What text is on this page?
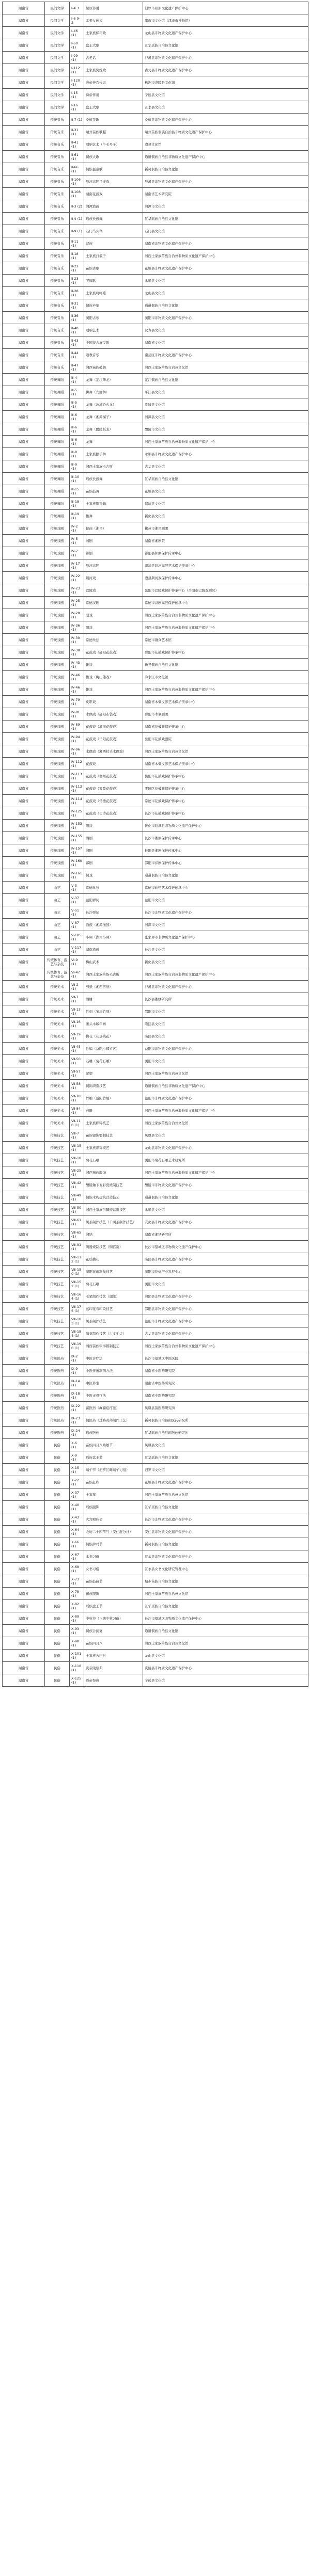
湖南省	民间文学	Ⅰ-4 3	屈原传说	汨罗市屈原文化遗产保护中心
湖南省	民间文学	Ⅰ-6 9-2	孟姜女传说	津市市文化馆（津市市博物馆）
湖南省	民间文学	Ⅰ-46 (1)	土家族梯玛歌	龙山县非物质文化遗产保护中心
湖南省	民间文学	Ⅰ-60 (1)	盘王大歌	江华瑶族自治县文化馆
湖南省	民间文学	Ⅰ-99 (1)	古老话	泸溪县非物质文化遗产保护中心
湖南省	民间文学	Ⅰ-112 (1)	土家族哭嫁歌	古丈县非物质文化遗产保护中心
湖南省	民间文学	Ⅰ-120 (1)	炎帝神农传说	株洲市炎陵县文化馆
湖南省	民间文学	Ⅰ-15 (1)	舜帝传说	宁远县文化馆
湖南省	民间文学	Ⅰ-16 (1)	盘王大歌	江永县文化馆
湖南省	传统音乐	Ⅱ-7 (1)	桑植民歌	桑植县非物质文化遗产保护中心
湖南省	传统音乐	Ⅱ-31 (1)	靖州苗族歌鼟	靖州苗族侗族自治县非物质文化遗产保护中心
湖南省	传统音乐	Ⅱ-41 (1)	嗩呐艺术（牛毛号子）	澧县文化馆
湖南省	传统音乐	Ⅱ-61 (1)	侗族大歌	通道侗族自治县非物质文化遗产保护中心
湖南省	传统音乐	Ⅱ-66 (1)	侗族琵琶歌	新晃侗族自治县文化馆
湖南省	传统音乐	Ⅱ-106 (1)	辰河高腔目连戏	辰溪县非物质文化遗产保护中心
湖南省	传统音乐	Ⅱ-108 (1)	湖南花鼓戏	湖南省艺术研究院
湖南省	传统音乐	Ⅱ-3 (2)	湘潭渔鼓	湘潭市文化馆
湖南省	传统音乐	Ⅱ-4 (1)	瑶族长鼓舞	江华瑶族自治县文化馆
湖南省	传统音乐	Ⅱ-9 (1)	石门马头琴	石门县文化馆
湖南省	传统音乐	Ⅱ-11 (1)	汉族	湖南省非物质文化遗产保护中心
湖南省	传统音乐	Ⅱ-18 (1)	土家族打溜子	湘西土家族苗族自治州非物质文化遗产保护中心
湖南省	传统音乐	Ⅱ-22 (1)	苗族古歌	花垣县非物质文化遗产保护中心
湖南省	传统音乐	Ⅱ-23 (1)	哭嫁歌	永顺县文化馆
湖南省	传统音乐	Ⅱ-28 (1)	土家族咚咚喹	龙山县文化馆
湖南省	传统音乐	Ⅱ-31 (1)	侗族芦笙	通道侗族自治县文化馆
湖南省	传统音乐	Ⅱ-36 (1)	浏阳古乐	浏阳市非物质文化遗产保护中心
湖南省	传统音乐	Ⅱ-40 (1)	嗩呐艺术	汉寿县文化馆
湖南省	传统音乐	Ⅱ-43 (1)	中国蒙古族民歌	湖南省文化馆
湖南省	传统音乐	Ⅱ-44 (1)	道教音乐	南岳区非物质文化遗产保护中心
湖南省	传统音乐	Ⅱ-47 (1)	湘西苗族鼓舞	湘西土家族苗族自治州文化馆
湖南省	传统舞蹈	Ⅲ-4 (1)	龙舞（芷江孽龙）	芷江侗族自治县文化馆
湖南省	传统舞蹈	Ⅲ-5 (1)	狮舞（九狮舞）	平江县文化馆
湖南省	传统舞蹈	Ⅲ-5 (1)	龙舞（汝城香火龙）	汝城县文化馆
湖南省	传统舞蹈	Ⅲ-6 (1)	龙舞（湘潭溜子）	湘潭县文化馆
湖南省	传统舞蹈	Ⅲ-6 (1)	龙舞（醴陵板龙）	醴陵市文化馆
湖南省	传统舞蹈	Ⅲ-6 (1)	龙舞	湘西土家族苗族自治州非物质文化遗产保护中心
湖南省	传统舞蹈	Ⅲ-8 (1)	土家族摆手舞	永顺县非物质文化遗产保护中心
湖南省	传统舞蹈	Ⅲ-9 (1)	湘西土家族毛古斯	古丈县文化馆
湖南省	传统舞蹈	Ⅲ-10 (1)	瑶族长鼓舞	江华瑶族自治县文化馆
湖南省	传统舞蹈	Ⅲ-15 (1)	苗族鼓舞	花垣县文化馆
湖南省	传统舞蹈	Ⅲ-18 (1)	土家族铜铃舞	保靖县文化馆
湖南省	传统舞蹈	Ⅲ-19 (1)	傩舞	新化县文化馆
湖南省	传统戏剧	Ⅳ-2 (1)	昆曲（湘昆）	郴州市湘昆剧团
湖南省	传统戏剧	Ⅳ-5 (1)	湘剧	湖南省湘剧院
湖南省	传统戏剧	Ⅳ-7 (1)	祁剧	祁阳县祁剧保护传承中心
湖南省	传统戏剧	Ⅳ-17 (1)	辰河高腔	溆浦县辰河高腔艺术保护传承中心
湖南省	传统戏剧	Ⅳ-22 (1)	荆河戏	澧县荆河戏保护传承中心
湖南省	传统戏剧	Ⅳ-23 (1)	巴陵戏	岳阳市巴陵戏保护传承中心（岳阳市巴陵戏剧院）
湖南省	传统戏剧	Ⅳ-25 (1)	常德汉剧	常德市汉剧高腔保护传承中心
湖南省	传统戏剧	Ⅳ-28 (1)	阳戏	湘西土家族苗族自治州非物质文化遗产保护中心
湖南省	传统戏剧	Ⅳ-36 (1)	阳戏	湘西土家族苗族自治州非物质文化遗产保护中心
湖南省	传统戏剧	Ⅳ-30 (1)	常德丝弦	常德市群众艺术馆
湖南省	传统戏剧	Ⅳ-38 (1)	花鼓戏（邵阳花鼓戏）	邵阳市花鼓戏保护传承中心
湖南省	传统戏剧	Ⅳ-43 (1)	傩戏	新晃侗族自治县文化馆
湖南省	传统戏剧	Ⅳ-46 (1)	傩戏（梅山傩戏）	冷水江市文化馆
湖南省	传统戏剧	Ⅳ-46 (1)	傩戏	湘西土家族苗族自治州非物质文化遗产保护中心
湖南省	传统戏剧	Ⅳ-79 (1)	皮影戏	湖南省木偶皮影艺术保护传承中心
湖南省	传统戏剧	Ⅳ-81 (1)	木偶戏（邵阳布袋戏）	邵阳市木偶剧团
湖南省	传统戏剧	Ⅳ-89 (1)	花鼓戏（湖南花鼓戏）	湖南省花鼓戏保护传承中心
湖南省	传统戏剧	Ⅳ-94 (1)	花鼓戏（岳阳花鼓戏）	岳阳市花鼓戏剧院
湖南省	传统戏剧	Ⅳ-96 (1)	木偶戏（湘西杖头木偶戏）	湘西土家族苗族自治州文化馆
湖南省	传统戏剧	Ⅳ-112 (1)	花鼓戏	湖南省木偶皮影艺术保护传承中心
湖南省	传统戏剧	Ⅳ-113 (1)	花鼓戏（衡州花鼓戏）	衡阳市花鼓戏保护传承中心
湖南省	传统戏剧	Ⅳ-113 (1)	花鼓戏（零陵花鼓戏）	零陵区花鼓戏保护传承中心
湖南省	传统戏剧	Ⅳ-114 (1)	花鼓戏（常德花鼓戏）	常德市花鼓戏保护传承中心
湖南省	传统戏剧	Ⅳ-125 (1)	花鼓戏（长沙花鼓戏）	长沙市花鼓戏保护传承中心
湖南省	传统戏剧	Ⅳ-153 (1)	阳戏	怀化市辰溪县非物质文化遗产保护中心
湖南省	传统戏剧	Ⅳ-155 (1)	湘剧	长沙市湘剧保护传承中心
湖南省	传统戏剧	Ⅳ-157 (1)	湘剧	桂阳县湘剧保护传承中心
湖南省	传统戏剧	Ⅳ-160 (1)	祁剧	邵阳市祁剧保护传承中心
湖南省	传统戏剧	Ⅳ-161 (1)	侗戏	通道侗族自治县文化馆
湖南省	曲艺	Ⅴ-3 (1)	常德丝弦	常德市丝弦艺术保护传承中心
湖南省	曲艺	Ⅴ-37 (1)	益阳弹词	益阳市文化馆
湖南省	曲艺	Ⅴ-51 (1)	长沙弹词	长沙市非物质文化遗产保护中心
湖南省	曲艺	Ⅴ-87 (1)	渔鼓（湘潭渔鼓）	湘潭市文化馆
湖南省	曲艺	Ⅴ-105 (1)	小调（湖南小调）	张家界市非物质文化遗产保护中心
湖南省	曲艺	Ⅴ-117 (1)	湖南渔鼓	长沙县文化馆
湖南省	传统体育、游艺与杂技	Ⅵ-9 (1)	梅山武术	新化县文化馆
湖南省	传统体育、游艺与杂技	Ⅵ-47 (1)	湘西土家族苗族毛古斯	湘西土家族苗族自治州非物质文化遗产保护中心
湖南省	传统美术	Ⅶ-2 (1)	剪纸（湘西剪纸）	泸溪县非物质文化遗产保护中心
湖南省	传统美术	Ⅶ-7 (1)	湘绣	长沙县湘绣研究所
湖南省	传统美术	Ⅶ-13 (1)	竹刻（宝庆竹刻）	邵阳市文化馆
湖南省	传统美术	Ⅶ-16 (1)	滩头木版年画	隆回县文化馆
湖南省	传统美术	Ⅶ-19 (1)	挑花（花瑶挑花）	隆回县文化馆
湖南省	传统美术	Ⅶ-45 (1)	竹编（益阳小郁竹艺）	益阳市非物质文化遗产保护中心
湖南省	传统美术	Ⅶ-50 (1)	石雕（菊花石雕）	浏阳市文化馆
湖南省	传统美术	Ⅶ-57 (1)	泥塑	湘西土家族苗族自治州文化馆
湖南省	传统美术	Ⅶ-58 (1)	侗锦织造技艺	通道侗族自治县非物质文化遗产保护中心
湖南省	传统美术	Ⅶ-78 (1)	竹编（益阳竹编）	益阳市非物质文化遗产保护中心
湖南省	传统美术	Ⅶ-84 (1)	石雕	湘西土家族苗族自治州非物质文化遗产保护中心
湖南省	传统美术	Ⅶ-110 (1)	土家族织锦技艺	湘西土家族苗族自治州文化馆
湖南省	传统技艺	Ⅷ-7 (1)	苗族银饰锻制技艺	凤凰县文化馆
湖南省	传统技艺	Ⅷ-15 (1)	土家族织锦技艺	龙山县非物质文化遗产保护中心
湖南省	传统技艺	Ⅷ-18 (1)	菊花石雕	浏阳市菊花石雕艺术研究所
湖南省	传统技艺	Ⅷ-25 (1)	湘西苗族服饰	湘西土家族苗族自治州非物质文化遗产保护中心
湖南省	传统技艺	Ⅷ-42 (1)	醴陵釉下五彩瓷烧制技艺	醴陵市非物质文化遗产保护中心
湖南省	传统技艺	Ⅷ-49 (1)	侗族木构建筑营造技艺	通道侗族自治县文化馆
湖南省	传统技艺	Ⅷ-50 (1)	湘西土家族吊脚楼营造技艺	永顺县文化馆
湖南省	传统技艺	Ⅷ-61 (1)	黑茶制作技艺（千两茶制作技艺）	安化县非物质文化遗产保护中心
湖南省	传统技艺	Ⅷ-65 (1)	湘绣	湖南省湘绣研究所
湖南省	传统技艺	Ⅷ-91 (1)	陶器烧制技艺（铜官窑）	长沙市望城区非物质文化遗产保护中心
湖南省	传统技艺	Ⅷ-112 (1)	花瑶挑花	隆回县非物质文化遗产保护中心
湖南省	传统技艺	Ⅷ-150 (1)	浏阳花炮制作技艺	浏阳市花炮产业发展中心
湖南省	传统技艺	Ⅷ-152 (1)	菊花石雕	浏阳市文化馆
湖南省	传统技艺	Ⅷ-164 (1)	毛笔制作技艺（湖笔）	湘阴县非物质文化遗产保护中心
湖南省	传统技艺	Ⅷ-175 (1)	蓝印花布印染技艺	邵阳县非物质文化遗产保护中心
湖南省	传统技艺	Ⅷ-183 (1)	黑茶制作技艺	益阳市非物质文化遗产保护中心
湖南省	传统技艺	Ⅷ-184 (1)	绿茶制作技艺（古丈毛尖）	古丈县非物质文化遗产保护中心
湖南省	传统技艺	Ⅷ-190 (1)	湘西苗族银饰锻制技艺	湘西土家族苗族自治州非物质文化遗产保护中心
湖南省	传统医药	Ⅸ-2 (1)	中医诊疗法	长沙市望城区中医医院
湖南省	传统医药	Ⅸ-9 (1)	中医传统制剂方法	湖南省中医药研究院
湖南省	传统医药	Ⅸ-14 (1)	中医养生	湖南省中医药研究院
湖南省	传统医药	Ⅸ-18 (1)	中医正骨疗法	湖南省中医药研究院
湖南省	传统医药	Ⅸ-22 (1)	苗医药（癫痫症疗法）	凤凰县苗医药研究所
湖南省	传统医药	Ⅸ-23 (1)	侗医药（过路黄药制作工艺）	新晃侗族自治县侗医药研究所
湖南省	传统医药	Ⅸ-24 (1)	瑶族医药	江华瑶族自治县瑶医药研究所
湖南省	民俗	Ⅹ-6 (1)	苗族四月八姑娘节	凤凰县文化馆
湖南省	民俗	Ⅹ-9 (1)	瑶族盘王节	江华瑶族自治县文化馆
湖南省	民俗	Ⅹ-15 (1)	端午节（汨罗江畔端午习俗）	汨罗市文化馆
湖南省	民俗	Ⅹ-22 (1)	苗族赶秋	花垣县非物质文化遗产保护中心
湖南省	民俗	Ⅹ-37 (1)	土家年	湘西土家族苗族自治州文化馆
湖南省	民俗	Ⅹ-40 (1)	瑶族服饰	江华瑶族自治县文化馆
湖南省	民俗	Ⅹ-43 (1)	火宫殿庙会	长沙市非物质文化遗产保护中心
湖南省	民俗	Ⅹ-64 (1)	农历二十四节气（安仁赶分社）	安仁县非物质文化遗产保护中心
湖南省	民俗	Ⅹ-66 (1)	侗族萨玛节	新晃侗族自治县文化馆
湖南省	民俗	Ⅹ-67 (1)	水书习俗	江永县非物质文化遗产保护中心
湖南省	民俗	Ⅹ-68 (1)	女书习俗	江永县女书文化研究管理中心
湖南省	民俗	Ⅹ-73 (1)	苗族鼓藏节	城步苗族自治县文化馆
湖南省	民俗	Ⅹ-78 (1)	苗族服饰	湘西土家族苗族自治州文化馆
湖南省	民俗	Ⅹ-82 (1)	瑶族盘王节	江华瑶族自治县文化馆
湖南省	民俗	Ⅹ-89 (1)	中秋节（三塘中秋习俗）	长沙市望城区非物质文化遗产保护中心
湖南省	民俗	Ⅹ-93 (1)	侗族合拢宴	通道侗族自治县文化馆
湖南省	民俗	Ⅹ-98 (1)	苗族四月八	湘西土家族苗族自治州文化馆
湖南省	民俗	Ⅹ-101 (1)	土家族舍巴日	龙山县文化馆
湖南省	民俗	Ⅹ-118 (1)	炎帝陵祭典	炎陵县非物质文化遗产保护中心
湖南省	民俗	Ⅹ-125 (1)	舜帝祭典	宁远县文化馆
